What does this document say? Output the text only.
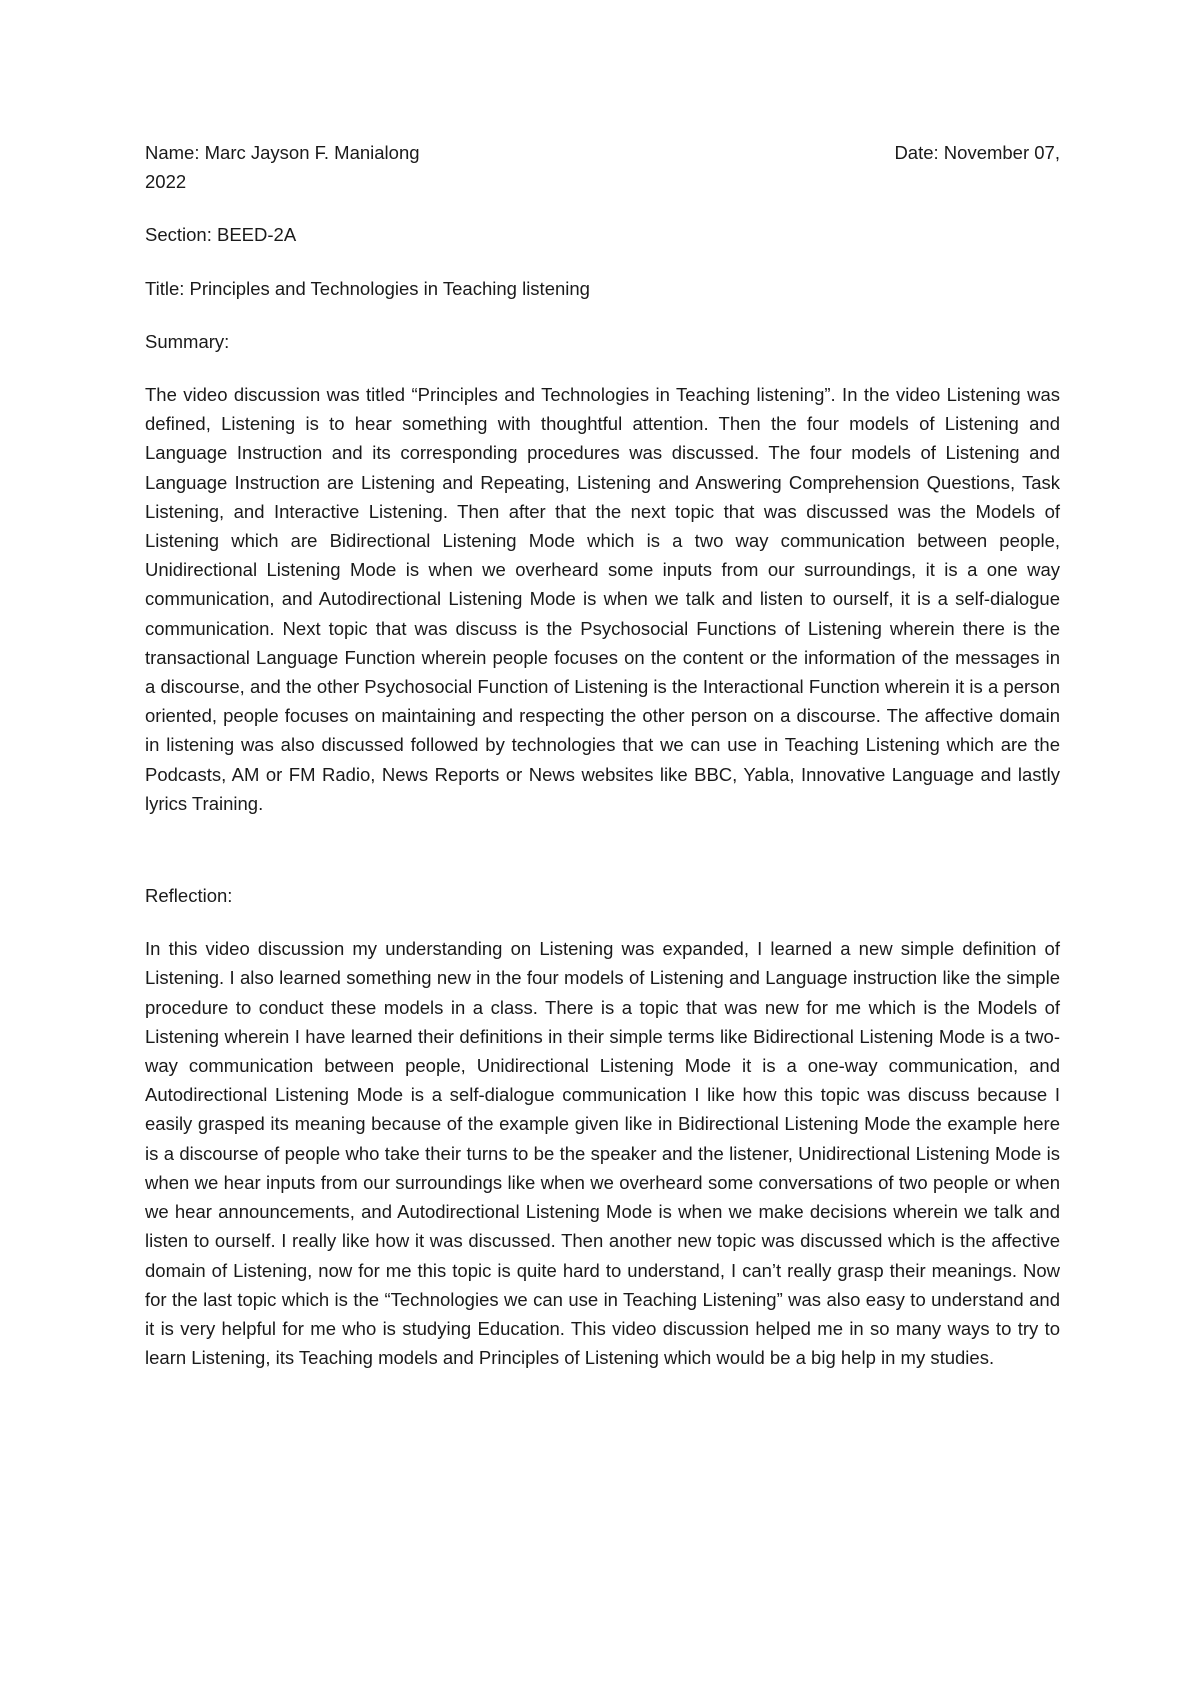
Name: Marc Jayson F. Manialong	Date: November 07,

2022

Section: BEED-2A

Title: Principles and Technologies in Teaching listening

Summary:

The video discussion was titled “Principles and Technologies in Teaching listening”. In the video Listening was defined, Listening is to hear something with thoughtful attention. Then the four models of Listening and Language Instruction and its corresponding procedures was discussed. The four models of Listening and Language Instruction are Listening and Repeating, Listening and Answering Comprehension Questions, Task Listening, and Interactive Listening. Then after that the next topic that was discussed was the Models of Listening which are Bidirectional Listening Mode which is a two way communication between people, Unidirectional Listening Mode is when we overheard some inputs from our surroundings, it is a one way communication, and Autodirectional Listening Mode is when we talk and listen to ourself, it is a self-dialogue communication. Next topic that was discuss is the Psychosocial Functions of Listening wherein there is the transactional Language Function wherein people focuses on the content or the information of the messages in a discourse, and the other Psychosocial Function of Listening is the Interactional Function wherein it is a person oriented, people focuses on maintaining and respecting the other person on a discourse. The affective domain in listening was also discussed followed by technologies that we can use in Teaching Listening which are the Podcasts, AM or FM Radio, News Reports or News websites like BBC, Yabla, Innovative Language and lastly lyrics Training.

Reflection:

In this video discussion my understanding on Listening was expanded, I learned a new simple definition of Listening. I also learned something new in the four models of Listening and Language instruction like the simple procedure to conduct these models in a class. There is a topic that was new for me which is the Models of Listening wherein I have learned their definitions in their simple terms like Bidirectional Listening Mode is a two-way communication between people, Unidirectional Listening Mode it is a one-way communication, and Autodirectional Listening Mode is a self-dialogue communication I like how this topic was discuss because I easily grasped its meaning because of the example given like in Bidirectional Listening Mode the example here is a discourse of people who take their turns to be the speaker and the listener, Unidirectional Listening Mode is when we hear inputs from our surroundings like when we overheard some conversations of two people or when we hear announcements, and Autodirectional Listening Mode is when we make decisions wherein we talk and listen to ourself. I really like how it was discussed. Then another new topic was discussed which is the affective domain of Listening, now for me this topic is quite hard to understand, I can’t really grasp their meanings. Now for the last topic which is the “Technologies we can use in Teaching Listening” was also easy to understand and it is very helpful for me who is studying Education. This video discussion helped me in so many ways to try to learn Listening, its Teaching models and Principles of Listening which would be a big help in my studies.
